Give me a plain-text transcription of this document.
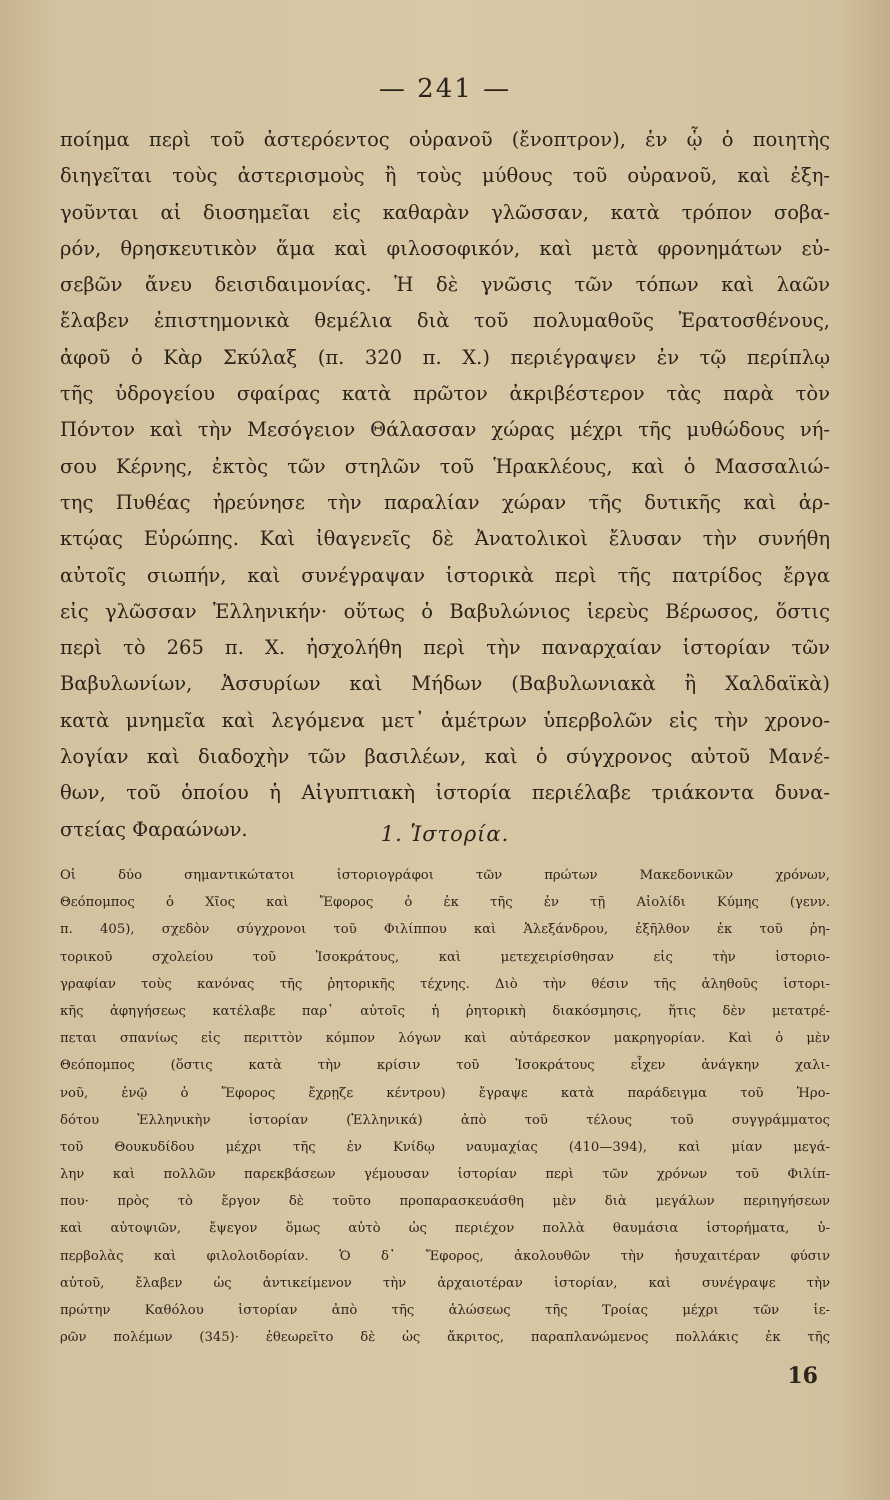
— 241 —
ποίημα περὶ τοῦ ἀστερόεντος οὐρανοῦ (ἔνοπτρον), ἐν ᾧ ὁ ποιητὴς
διηγεῖται τοὺς ἀστερισμοὺς ἢ τοὺς μύθους τοῦ οὐρανοῦ, καὶ ἐξη-
γοῦνται αἱ διοσημεῖαι εἰς καθαρὰν γλῶσσαν, κατὰ τρόπον σοβα-
ρόν, θρησκευτικὸν ἅμα καὶ φιλοσοφικόν, καὶ μετὰ φρονημάτων εὐ-
σεβῶν ἄνευ δεισιδαιμονίας. Ἡ δὲ γνῶσις τῶν τόπων καὶ λαῶν
ἔλαβεν ἐπιστημονικὰ θεμέλια διὰ τοῦ πολυμαθοῦς Ἐρατοσθένους,
ἀφοῦ ὁ Κὰρ Σκύλαξ (π. 320 π. Χ.) περιέγραψεν ἐν τῷ περίπλῳ
τῆς ὑδρογείου σφαίρας κατὰ πρῶτον ἀκριβέστερον τὰς παρὰ τὸν
Πόντον καὶ τὴν Μεσόγειον Θάλασσαν χώρας μέχρι τῆς μυθώδους νή-
σου Κέρνης, ἐκτὸς τῶν στηλῶν τοῦ Ἡρακλέους, καὶ ὁ Μασσαλιώ-
της Πυθέας ἠρεύνησε τὴν παραλίαν χώραν τῆς δυτικῆς καὶ ἀρ-
κτῴας Εὐρώπης. Καὶ ἰθαγενεῖς δὲ Ἀνατολικοὶ ἔλυσαν τὴν συνήθη
αὐτοῖς σιωπήν, καὶ συνέγραψαν ἱστορικὰ περὶ τῆς πατρίδος ἔργα
εἰς γλῶσσαν Ἑλληνικήν· οὕτως ὁ Βαβυλώνιος ἱερεὺς Βέρωσος, ὅστις
περὶ τὸ 265 π. Χ. ἠσχολήθη περὶ τὴν παναρχαίαν ἱστορίαν τῶν
Βαβυλωνίων, Ἀσσυρίων καὶ Μήδων (Βαβυλωνιακὰ ἢ Χαλδαϊκὰ)
κατὰ μνημεῖα καὶ λεγόμενα μετ᾽ ἀμέτρων ὑπερβολῶν εἰς τὴν χρονο-
λογίαν καὶ διαδοχὴν τῶν βασιλέων, καὶ ὁ σύγχρονος αὐτοῦ Μανέ-
θων, τοῦ ὁποίου ἡ Αἰγυπτιακὴ ἱστορία περιέλαβε τριάκοντα δυνα-
στείας Φαραώνων.	1. Ἱστορία.
Οἱ δύο σημαντικώτατοι ἱστοριογράφοι τῶν πρώτων Μακεδονικῶν χρόνων,
Θεόπομπος ὁ Χῖος καὶ Ἔφορος ὁ ἐκ τῆς ἐν τῇ Αἰολίδι Κύμης (γενν.
π. 405), σχεδὸν σύγχρονοι τοῦ Φιλίππου καὶ Ἀλεξάνδρου, ἐξῆλθον ἐκ τοῦ ῥη-
τορικοῦ σχολείου τοῦ Ἰσοκράτους, καὶ μετεχειρίσθησαν εἰς τὴν ἱστοριο-
γραφίαν τοὺς κανόνας τῆς ῥητορικῆς τέχνης. Διὸ τὴν θέσιν τῆς ἀληθοῦς ἱστορι-
κῆς ἀφηγήσεως κατέλαβε παρ᾽ αὐτοῖς ἡ ῥητορικὴ διακόσμησις, ἥτις δὲν μετατρέ-
πεται σπανίως εἰς περιττὸν κόμπον λόγων καὶ αὐτάρεσκον μακρηγορίαν. Καὶ ὁ μὲν
Θεόπομπος (ὅστις κατὰ τὴν κρίσιν τοῦ Ἰσοκράτους εἶχεν ἀνάγκην χαλι-
νοῦ, ἐνῷ ὁ Ἔφορος ἔχρῃζε κέντρου) ἔγραψε κατὰ παράδειγμα τοῦ Ἡρο-
δότου Ἑλληνικὴν ἱστορίαν (Ἑλληνικά) ἀπὸ τοῦ τέλους τοῦ συγγράμματος
τοῦ Θουκυδίδου μέχρι τῆς ἐν Κνίδῳ ναυμαχίας (410—394), καὶ μίαν μεγά-
λην καὶ πολλῶν παρεκβάσεων γέμουσαν ἱστορίαν περὶ τῶν χρόνων τοῦ Φιλίπ-
που· πρὸς τὸ ἔργον δὲ τοῦτο προπαρασκευάσθη μὲν διὰ μεγάλων περιηγήσεων
καὶ αὐτοψιῶν, ἔψεγον ὅμως αὐτὸ ὡς περιέχον πολλὰ θαυμάσια ἱστορήματα, ὑ-
περβολὰς καὶ φιλολοιδορίαν. Ὁ δ᾽ Ἔφορος, ἀκολουθῶν τὴν ἡσυχαιτέραν φύσιν
αὐτοῦ, ἔλαβεν ὡς ἀντικείμενον τὴν ἀρχαιοτέραν ἱστορίαν, καὶ συνέγραψε τὴν
πρώτην Καθόλου ἱστορίαν ἀπὸ τῆς ἁλώσεως τῆς Τροίας μέχρι τῶν ἱε-
ρῶν πολέμων (345)· ἐθεωρεῖτο δὲ ὡς ἄκριτος, παραπλανώμενος πολλάκις ἐκ τῆς
16
